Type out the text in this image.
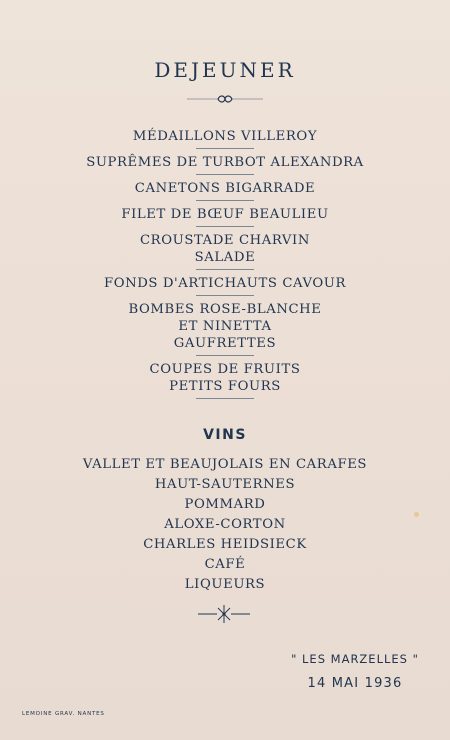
DEJEUNER
MÉDAILLONS VILLEROY
SUPRÊMES DE TURBOT ALEXANDRA
CANETONS BIGARRADE
FILET DE BŒUF BEAULIEU
CROUSTADE CHARVIN
SALADE
FONDS D'ARTICHAUTS CAVOUR
BOMBES ROSE-BLANCHE
ET NINETTA
GAUFRETTES
COUPES DE FRUITS
PETITS FOURS
VINS
VALLET ET BEAUJOLAIS EN CARAFES
HAUT-SAUTERNES
POMMARD
ALOXE-CORTON
CHARLES HEIDSIECK
CAFÉ
LIQUEURS
" LES MARZELLES "
14 MAI 1936
LEMOINE GRAV. NANTES
